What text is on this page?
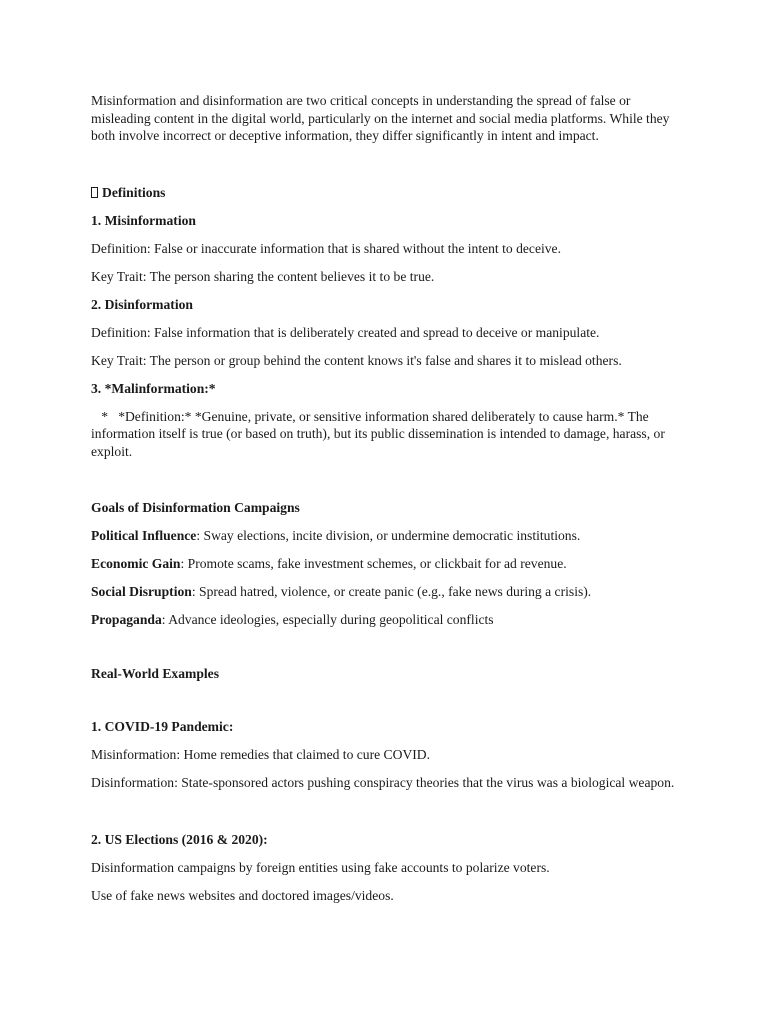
Misinformation and disinformation are two critical concepts in understanding the spread of false or misleading content in the digital world, particularly on the internet and social media platforms. While they both involve incorrect or deceptive information, they differ significantly in intent and impact.

Definitions

1. Misinformation

Definition: False or inaccurate information that is shared without the intent to deceive.

Key Trait: The person sharing the content believes it to be true.

2. Disinformation

Definition: False information that is deliberately created and spread to deceive or manipulate.

Key Trait: The person or group behind the content knows it's false and shares it to mislead others.

3. *Malinformation:*

*   *Definition:* *Genuine, private, or sensitive information shared deliberately to cause harm.* The information itself is true (or based on truth), but its public dissemination is intended to damage, harass, or exploit.

Goals of Disinformation Campaigns

Political Influence: Sway elections, incite division, or undermine democratic institutions.

Economic Gain: Promote scams, fake investment schemes, or clickbait for ad revenue.

Social Disruption: Spread hatred, violence, or create panic (e.g., fake news during a crisis).

Propaganda: Advance ideologies, especially during geopolitical conflicts

Real-World Examples

1. COVID-19 Pandemic:

Misinformation: Home remedies that claimed to cure COVID.

Disinformation: State-sponsored actors pushing conspiracy theories that the virus was a biological weapon.

2. US Elections (2016 & 2020):

Disinformation campaigns by foreign entities using fake accounts to polarize voters.

Use of fake news websites and doctored images/videos.
